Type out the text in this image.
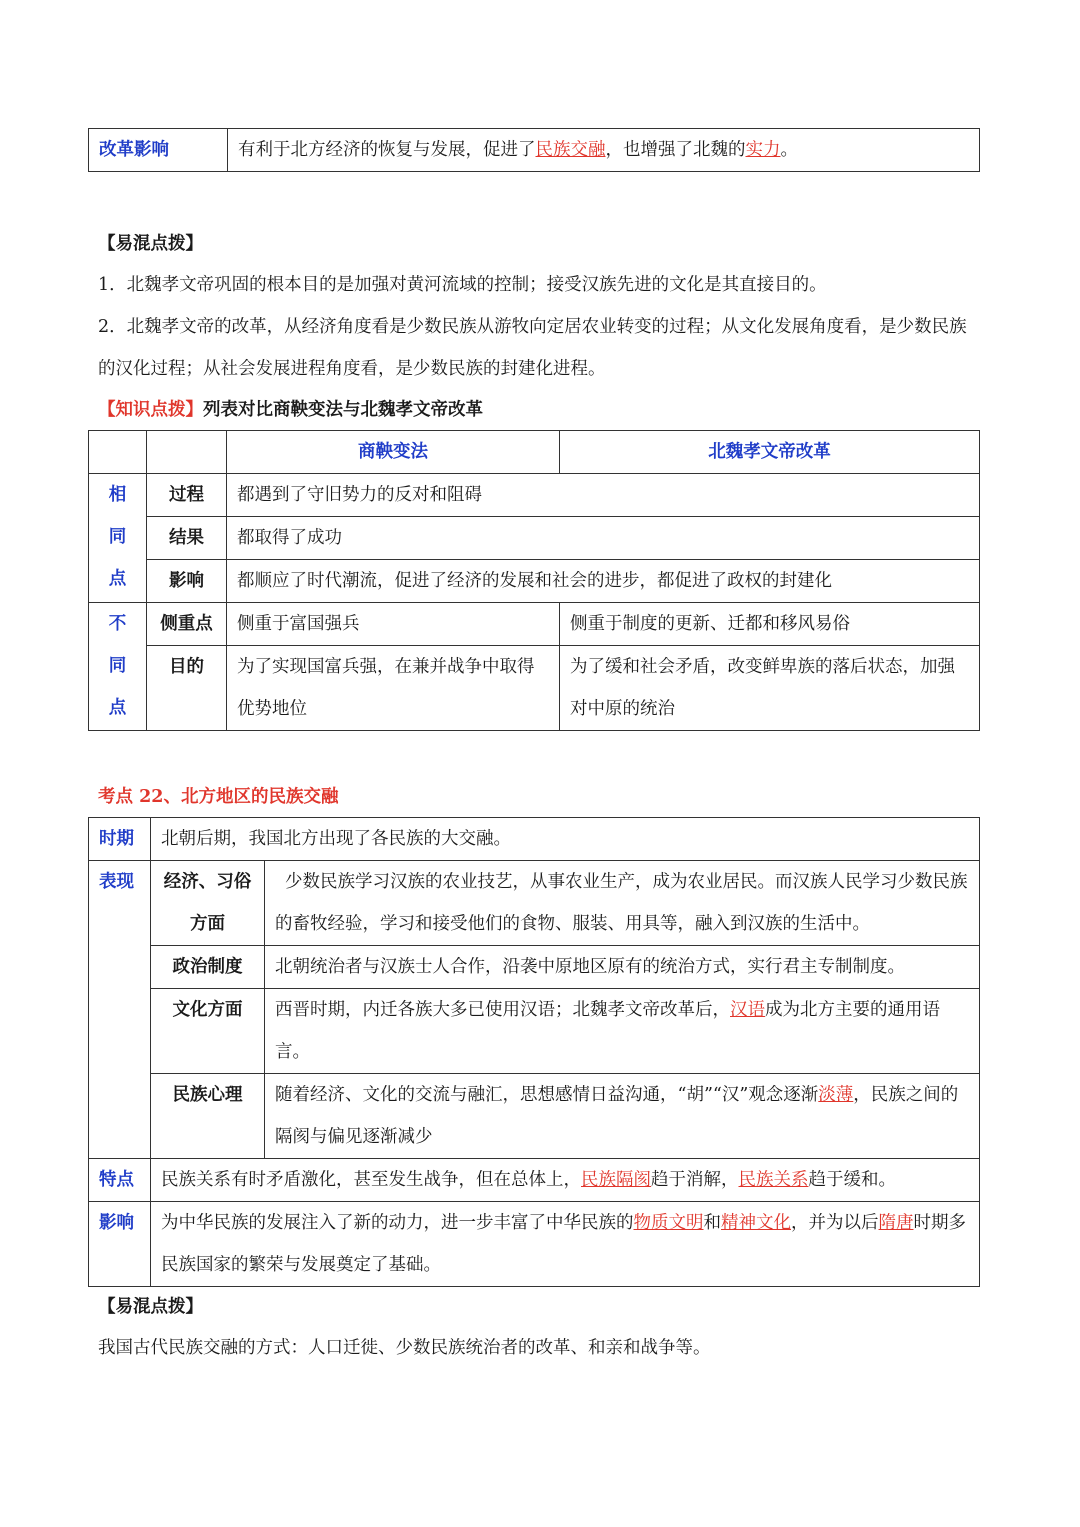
改革影响	有利于北方经济的恢复与发展，促进了民族交融，也增强了北魏的实力。

【易混点拨】

1．北魏孝文帝巩固的根本目的是加强对黄河流域的控制；接受汉族先进的文化是其直接目的。

2．北魏孝文帝的改革，从经济角度看是少数民族从游牧向定居农业转变的过程；从文化发展角度看，是少数民族的汉化过程；从社会发展进程角度看，是少数民族的封建化进程。

【知识点拨】列表对比商鞅变法与北魏孝文帝改革

		商鞅变法	北魏孝文帝改革

相
同
点	过程	都遇到了守旧势力的反对和阻碍	
	结果	都取得了成功	
	影响	都顺应了时代潮流，促进了经济的发展和社会的进步，都促进了政权的封建化	

不
同
点	侧重点	侧重于富国强兵	侧重于制度的更新、迁都和移风易俗
	目的	为了实现国富兵强，在兼并战争中取得优势地位	为了缓和社会矛盾，改变鲜卑族的落后状态，加强对中原的统治

考点 22、北方地区的民族交融

时期	北朝后期，我国北方出现了各民族的大交融。	
表现	经济、习俗方面	少数民族学习汉族的农业技艺，从事农业生产，成为农业居民。而汉族人民学习少数民族的畜牧经验，学习和接受他们的食物、服装、用具等，融入到汉族的生活中。
	政治制度	北朝统治者与汉族士人合作，沿袭中原地区原有的统治方式，实行君主专制制度。
	文化方面	西晋时期，内迁各族大多已使用汉语；北魏孝文帝改革后，汉语成为北方主要的通用语言。
	民族心理	随着经济、文化的交流与融汇，思想感情日益沟通，“胡”“汉”观念逐渐淡薄，民族之间的隔阂与偏见逐渐减少
特点	民族关系有时矛盾激化，甚至发生战争，但在总体上，民族隔阂趋于消解，民族关系趋于缓和。	
影响	为中华民族的发展注入了新的动力，进一步丰富了中华民族的物质文明和精神文化，并为以后隋唐时期多民族国家的繁荣与发展奠定了基础。	

【易混点拨】

我国古代民族交融的方式：人口迁徙、少数民族统治者的改革、和亲和战争等。
